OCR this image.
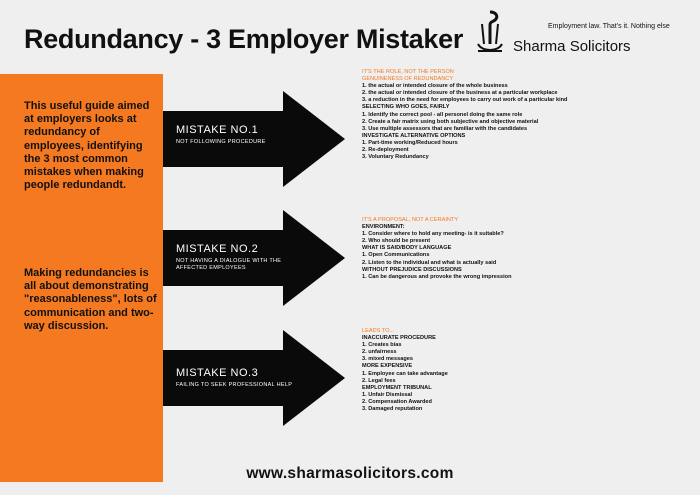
Redundancy - 3 Employer Mistaker	Employment law. That's it. Nothing else
Sharma Solicitors
This useful guide aimed at employers looks at redundancy of employees, identifying the 3 most common mistakes when making people redundandt.
Making redundancies is all about demonstrating "reasonableness", lots of communication and two-way discussion.
MISTAKE NO.1
NOT FOLLOWING PROCEDURE
MISTAKE NO.2
NOT HAVING A DIALOGUE WITH THE AFFECTED EMPLOYEES
MISTAKE NO.3
FAILING TO SEEK PROFESSIONAL HELP
IT'S THE ROLE, NOT THE PERSON
GENUINENESS OF REDUNDANCY
1. the actual or intended closure of the whole business
2. the actual or intended closure of the business at a particular workplace
3. a reduction in the need for employees to carry out work of a particular kind
SELECTING WHO GOES, FAIRLY
1. Identify the correct pool - all personel doing the same role
2. Create a fair matrix using both subjective and objective material
3. Use multiple assessors that are familiar with the candidates
INVESTIGATE ALTERNATIVE OPTIONS
1. Part-time working/Reduced hours
2. Re-deployment
3. Voluntary Redundancy
IT'S A PROPOSAL, NOT A CERAINTY
ENVIRONMENT:
1. Consider where to hold any meeting- is it suitable?
2. Who should be present
WHAT IS SAID/BODY LANGUAGE
1. Open Communications
2. Listen to the individual and what is actually said
WITHOUT PREJUDICE DISCUSSIONS
1. Can be dangerous and provoke the wrong impression
LEADS TO...
INACCURATE PROCEDURE
1. Creates bias
2. unfairness
3. mixed messages
MORE EXPENSIVE
1. Employee can take advantage
2. Legal fees
EMPLOYMENT TRIBUNAL
1. Unfair Dismissal
2. Compensation Awarded
3. Damaged reputation
www.sharmasolicitors.com
